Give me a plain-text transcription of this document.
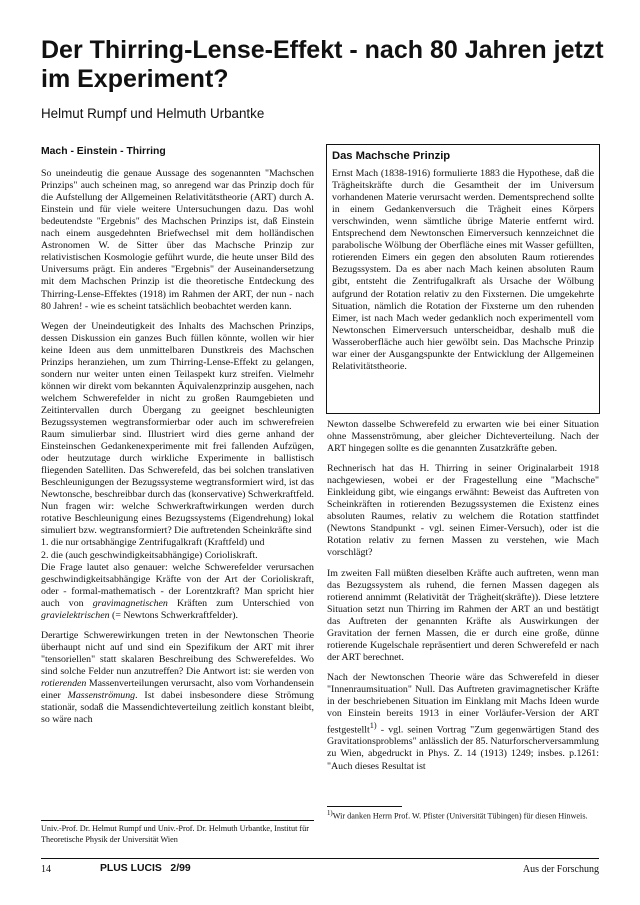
Der Thirring-Lense-Effekt - nach 80 Jahren jetzt im Experiment?

Helmut Rumpf und Helmuth Urbantke

Mach - Einstein - Thirring

So uneindeutig die genaue Aussage des sogenannten "Machschen Prinzips" auch scheinen mag, so anregend war das Prinzip doch für die Aufstellung der Allgemeinen Relativitätstheorie (ART) durch A. Einstein und für viele weitere Untersuchungen dazu. Das wohl bedeutendste "Ergebnis" des Machschen Prinzips ist, daß Einstein nach einem ausgedehnten Briefwechsel mit dem holländischen Astronomen W. de Sitter über das Machsche Prinzip zur relativistischen Kosmologie geführt wurde, die heute unser Bild des Universums prägt. Ein anderes "Ergebnis" der Auseinandersetzung mit dem Machschen Prinzip ist die theoretische Entdeckung des Thirring-Lense-Effektes (1918) im Rahmen der ART, der nun - nach 80 Jahren! - wie es scheint tatsächlich beobachtet werden kann.

Wegen der Uneindeutigkeit des Inhalts des Machschen Prinzips, dessen Diskussion ein ganzes Buch füllen könnte, wollen wir hier keine Ideen aus dem unmittelbaren Dunstkreis des Machschen Prinzips heranziehen, um zum Thirring-Lense-Effekt zu gelangen, sondern nur weiter unten einen Teilaspekt kurz streifen. Vielmehr können wir direkt vom bekannten Äquivalenzprinzip ausgehen, nach welchem Schwerefelder in nicht zu großen Raumgebieten und Zeitintervallen durch Übergang zu geeignet beschleunigten Bezugssystemen wegtransformierbar oder auch im schwerefreien Raum simulierbar sind. Illustriert wird dies gerne anhand der Einsteinschen Gedankenexperimente mit frei fallenden Aufzügen, oder heutzutage durch wirkliche Experimente in ballistisch fliegenden Satelliten. Das Schwerefeld, das bei solchen translativen Beschleunigungen der Bezugssysteme wegtransformiert wird, ist das Newtonsche, beschreibbar durch das (konservative) Schwerkraftfeld. Nun fragen wir: welche Schwerkraftwirkungen werden durch rotative Beschleunigung eines Bezugssystems (Eigendrehung) lokal simuliert bzw. wegtransformiert? Die auftretenden Scheinkräfte sind

1. die nur ortsabhängige Zentrifugalkraft (Kraftfeld) und
2. die (auch geschwindigkeitsabhängige) Corioliskraft.

Die Frage lautet also genauer: welche Schwerefelder verursachen geschwindigkeitsabhängige Kräfte von der Art der Corioliskraft, oder - formal-mathematisch - der Lorentzkraft? Man spricht hier auch von gravimagnetischen Kräften zum Unterschied von gravielektrischen (= Newtons Schwerkraftfelder).

Derartige Schwerewirkungen treten in der Newtonschen Theorie überhaupt nicht auf und sind ein Spezifikum der ART mit ihrer "tensoriellen" statt skalaren Beschreibung des Schwerefeldes. Wo sind solche Felder nun anzutreffen? Die Antwort ist: sie werden von rotierenden Massenverteilungen verursacht, also vom Vorhandensein einer Massenströmung. Ist dabei insbesondere diese Strömung stationär, sodaß die Massendichteverteilung zeitlich konstant bleibt, so wäre nach

Das Machsche Prinzip

Ernst Mach (1838-1916) formulierte 1883 die Hypothese, daß die Trägheitskräfte durch die Gesamtheit der im Universum vorhandenen Materie verursacht werden. Dementsprechend sollte in einem Gedankenversuch die Trägheit eines Körpers verschwinden, wenn sämtliche übrige Materie entfernt wird. Entsprechend dem Newtonschen Eimerversuch kennzeichnet die parabolische Wölbung der Oberfläche eines mit Wasser gefüllten, rotierenden Eimers ein gegen den absoluten Raum rotierendes Bezugssystem. Da es aber nach Mach keinen absoluten Raum gibt, entsteht die Zentrifugalkraft als Ursache der Wölbung aufgrund der Rotation relativ zu den Fixsternen. Die umgekehrte Situation, nämlich die Rotation der Fixsterne um den ruhenden Eimer, ist nach Mach weder gedanklich noch experimentell vom Newtonschen Eimerversuch unterscheidbar, deshalb muß die Wasseroberfläche auch hier gewölbt sein. Das Machsche Prinzip war einer der Ausgangspunkte der Entwicklung der Allgemeinen Relativitätstheorie.

Newton dasselbe Schwerefeld zu erwarten wie bei einer Situation ohne Massenströmung, aber gleicher Dichteverteilung. Nach der ART hingegen sollte es die genannten Zusatzkräfte geben.

Rechnerisch hat das H. Thirring in seiner Originalarbeit 1918 nachgewiesen, wobei er der Fragestellung eine "Machsche" Einkleidung gibt, wie eingangs erwähnt: Beweist das Auftreten von Scheinkräften in rotierenden Bezugssystemen die Existenz eines absoluten Raumes, relativ zu welchem die Rotation stattfindet (Newtons Standpunkt - vgl. seinen Eimer-Versuch), oder ist die Rotation relativ zu fernen Massen zu verstehen, wie Mach vorschlägt?

Im zweiten Fall müßten dieselben Kräfte auch auftreten, wenn man das Bezugssystem als ruhend, die fernen Massen dagegen als rotierend annimmt (Relativität der Trägheit(skräfte)). Diese letztere Situation setzt nun Thirring im Rahmen der ART an und bestätigt das Auftreten der genannten Kräfte als Auswirkungen der Gravitation der fernen Massen, die er durch eine große, dünne rotierende Kugelschale repräsentiert und deren Schwerefeld er nach der ART berechnet.

Nach der Newtonschen Theorie wäre das Schwerefeld in dieser "Innenraumsituation" Null. Das Auftreten gravimagnetischer Kräfte in der beschriebenen Situation im Einklang mit Machs Ideen wurde von Einstein bereits 1913 in einer Vorläufer-Version der ART festgestellt$^{1)}$ - vgl. seinen Vortrag "Zum gegenwärtigen Stand des Gravitationsproblems" anlässlich der 85. Naturforscherversammlung zu Wien, abgedruckt in Phys. Z. 14 (1913) 1249; insbes. p.1261: "Auch dieses Resultat ist

$^{1)}$Wir danken Herrn Prof. W. Pfister (Universität Tübingen) für diesen Hinweis.
Univ.-Prof. Dr. Helmut Rumpf und Univ.-Prof. Dr. Helmuth Urbantke, Institut für Theoretische Physik der Universität Wien
14	PLUS LUCIS   2/99	Aus der Forschung
